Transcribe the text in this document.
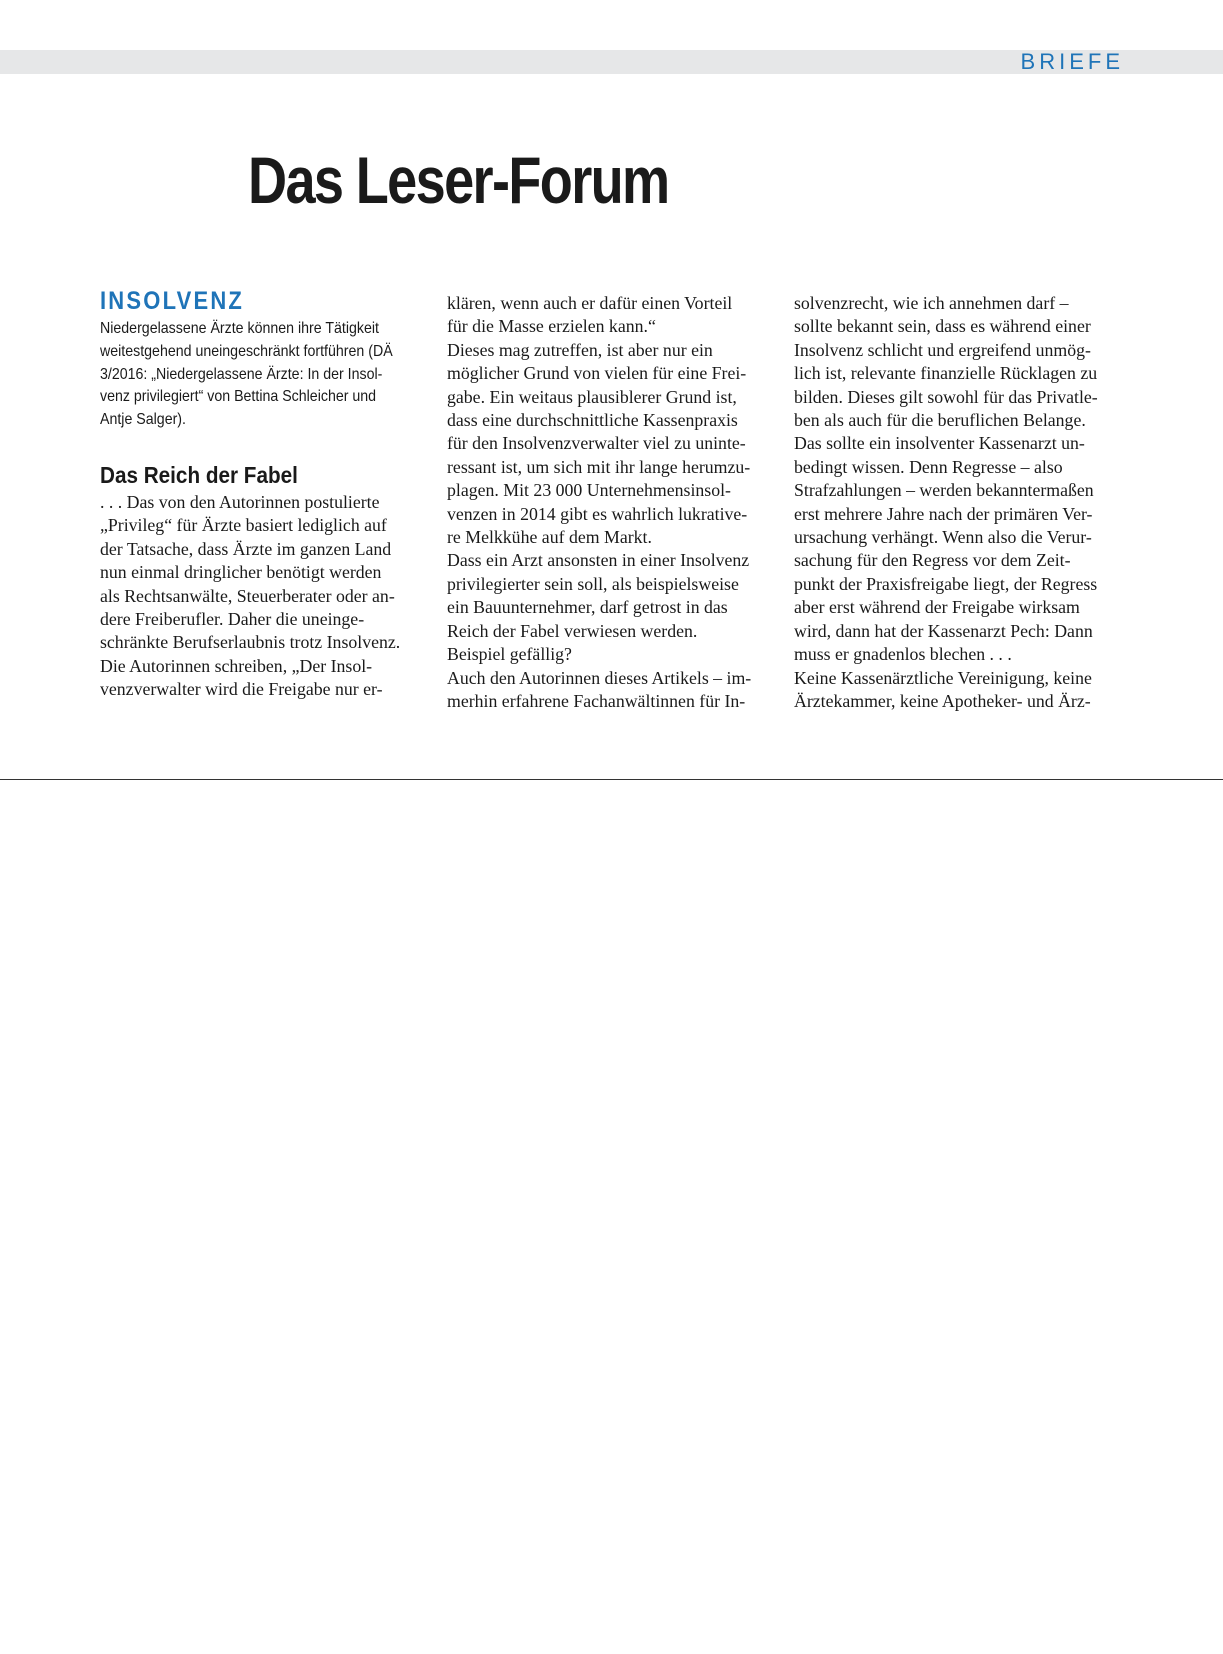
BRIEFE
Das Leser-Forum
INSOLVENZ

Niedergelassene Ärzte können ihre Tätigkeit

weitestgehend uneingeschränkt fortführen (DÄ

3/2016: „Niedergelassene Ärzte: In der Insol-

venz privilegiert“ von Bettina Schleicher und

Antje Salger).

Das Reich der Fabel

. . . Das von den Autorinnen postulierte

„Privileg“ für Ärzte basiert lediglich auf

der Tatsache, dass Ärzte im ganzen Land

nun einmal dringlicher benötigt werden

als Rechtsanwälte, Steuerberater oder an-

dere Freiberufler. Daher die uneinge-

schränkte Berufserlaubnis trotz Insolvenz.

Die Autorinnen schreiben, „Der Insol-

venzverwalter wird die Freigabe nur er-

klären, wenn auch er dafür einen Vorteil

für die Masse erzielen kann.“

Dieses mag zutreffen, ist aber nur ein

möglicher Grund von vielen für eine Frei-

gabe. Ein weitaus plausiblerer Grund ist,

dass eine durchschnittliche Kassenpraxis

für den Insolvenzverwalter viel zu uninte-

ressant ist, um sich mit ihr lange herumzu-

plagen. Mit 23 000 Unternehmensinsol-

venzen in 2014 gibt es wahrlich lukrative-

re Melkkühe auf dem Markt.

Dass ein Arzt ansonsten in einer Insolvenz

privilegierter sein soll, als beispielsweise

ein Bauunternehmer, darf getrost in das

Reich der Fabel verwiesen werden.

Beispiel gefällig?

Auch den Autorinnen dieses Artikels – im-

merhin erfahrene Fachanwältinnen für In-

solvenzrecht, wie ich annehmen darf –

sollte bekannt sein, dass es während einer

Insolvenz schlicht und ergreifend unmög-

lich ist, relevante finanzielle Rücklagen zu

bilden. Dieses gilt sowohl für das Privatle-

ben als auch für die beruflichen Belange.

Das sollte ein insolventer Kassenarzt un-

bedingt wissen. Denn Regresse – also

Strafzahlungen – werden bekanntermaßen

erst mehrere Jahre nach der primären Ver-

ursachung verhängt. Wenn also die Verur-

sachung für den Regress vor dem Zeit-

punkt der Praxisfreigabe liegt, der Regress

aber erst während der Freigabe wirksam

wird, dann hat der Kassenarzt Pech: Dann

muss er gnadenlos blechen . . .

Keine Kassenärztliche Vereinigung, keine

Ärztekammer, keine Apotheker- und Ärz-
